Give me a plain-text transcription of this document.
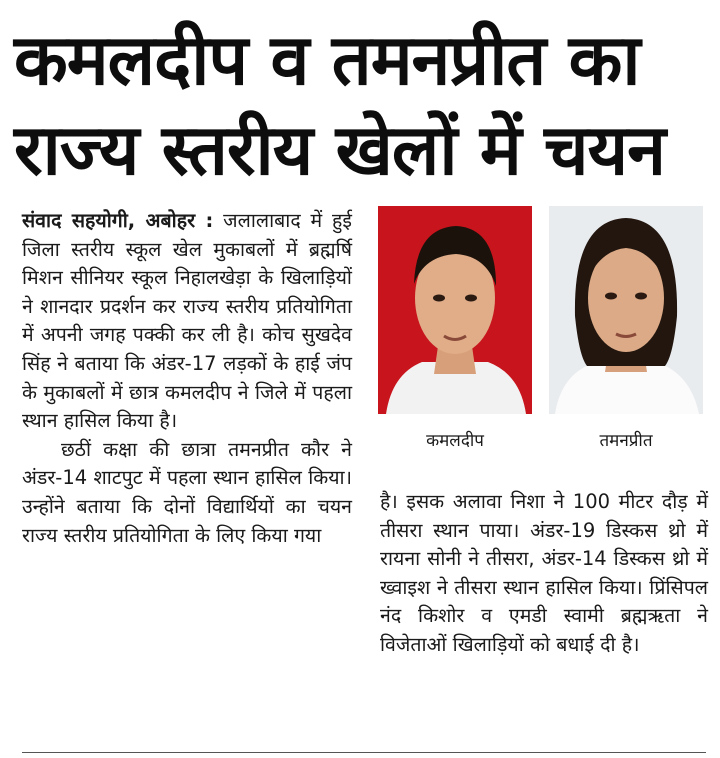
कमलदीप व तमनप्रीत का
राज्य स्तरीय खेलों में चयन

संवाद सहयोगी, अबोहर : जलालाबाद में हुई जिला स्तरीय स्कूल खेल मुकाबलों में ब्रह्मर्षि मिशन सीनियर स्कूल निहालखेड़ा के खिलाड़ियों ने शानदार प्रदर्शन कर राज्य स्तरीय प्रतियोगिता में अपनी जगह पक्की कर ली है। कोच सुखदेव सिंह ने बताया कि अंडर-17 लड़कों के हाई जंप के मुकाबलों में छात्र कमलदीप ने जिले में पहला स्थान हासिल किया है।

छठीं कक्षा की छात्रा तमनप्रीत कौर ने अंडर-14 शाटपुट में पहला स्थान हासिल किया। उन्होंने बताया कि दोनों विद्यार्थियों का चयन राज्य स्तरीय प्रतियोगिता के लिए किया गया

कमलदीप	तमनप्रीत

है। इसक अलावा निशा ने 100 मीटर दौड़ में तीसरा स्थान पाया। अंडर-19 डिस्कस थ्रो में रायना सोनी ने तीसरा, अंडर-14 डिस्कस थ्रो में ख्वाइश ने तीसरा स्थान हासिल किया। प्रिंसिपल नंद किशोर व एमडी स्वामी ब्रह्मऋता ने विजेताओं खिलाड़ियों को बधाई दी है।
